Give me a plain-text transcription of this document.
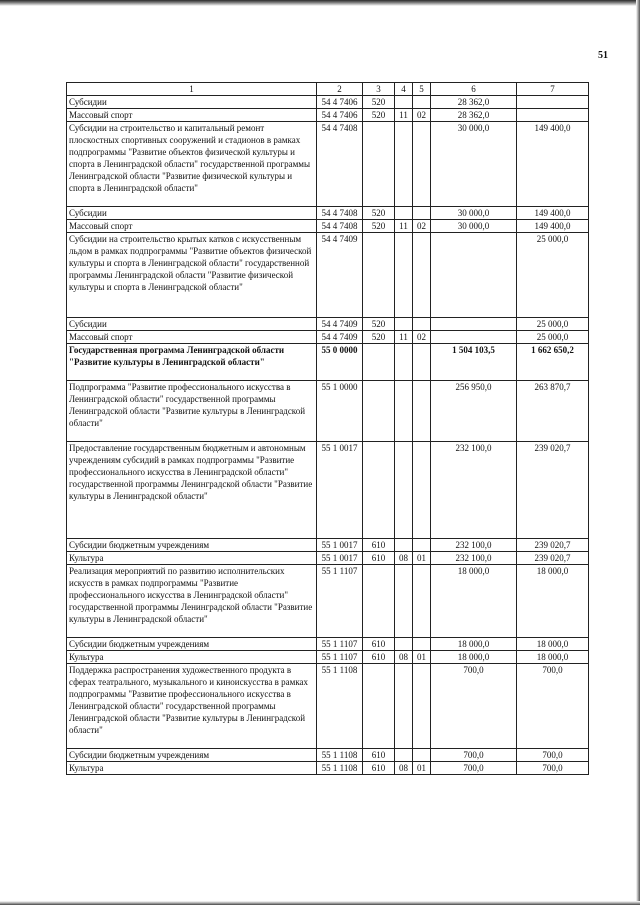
51
1	2	3	4	5	6	7
Субсидии	54 4 7406	520			28 362,0	
Массовый спорт	54 4 7406	520	11	02	28 362,0	
Субсидии на строительство и капитальный ремонт плоскостных спортивных сооружений и стадионов в рамках подпрограммы "Развитие объектов физической культуры и спорта в Ленинградской области" государственной программы Ленинградской области "Развитие физической культуры и спорта в Ленинградской области"	54 4 7408				30 000,0	149 400,0
Субсидии	54 4 7408	520			30 000,0	149 400,0
Массовый спорт	54 4 7408	520	11	02	30 000,0	149 400,0
Субсидии на строительство крытых катков с искусственным льдом в рамках подпрограммы "Развитие объектов физической культуры и спорта в Ленинградской области" государственной программы Ленинградской области "Развитие физической культуры и спорта в Ленинградской области"	54 4 7409					25 000,0
Субсидии	54 4 7409	520				25 000,0
Массовый спорт	54 4 7409	520	11	02		25 000,0
Государственная программа Ленинградской области "Развитие культуры в Ленинградской области"	55 0 0000				1 504 103,5	1 662 650,2
Подпрограмма "Развитие профессионального искусства в Ленинградской области" государственной программы Ленинградской области "Развитие культуры в Ленинградской области"	55 1 0000				256 950,0	263 870,7
Предоставление государственным бюджетным и автономным учреждениям субсидий в рамках подпрограммы "Развитие профессионального искусства в Ленинградской области" государственной программы Ленинградской области "Развитие культуры в Ленинградской области"	55 1 0017				232 100,0	239 020,7
Субсидии бюджетным учреждениям	55 1 0017	610			232 100,0	239 020,7
Культура	55 1 0017	610	08	01	232 100,0	239 020,7
Реализация мероприятий по развитию исполнительских искусств в рамках подпрограммы "Развитие профессионального искусства в Ленинградской области" государственной программы Ленинградской области "Развитие культуры в Ленинградской области"	55 1 1107				18 000,0	18 000,0
Субсидии бюджетным учреждениям	55 1 1107	610			18 000,0	18 000,0
Культура	55 1 1107	610	08	01	18 000,0	18 000,0
Поддержка распространения художественного продукта в сферах театрального, музыкального и киноискусства в рамках подпрограммы "Развитие профессионального искусства в Ленинградской области" государственной программы Ленинградской области "Развитие культуры в Ленинградской области"	55 1 1108				700,0	700,0
Субсидии бюджетным учреждениям	55 1 1108	610			700,0	700,0
Культура	55 1 1108	610	08	01	700,0	700,0
